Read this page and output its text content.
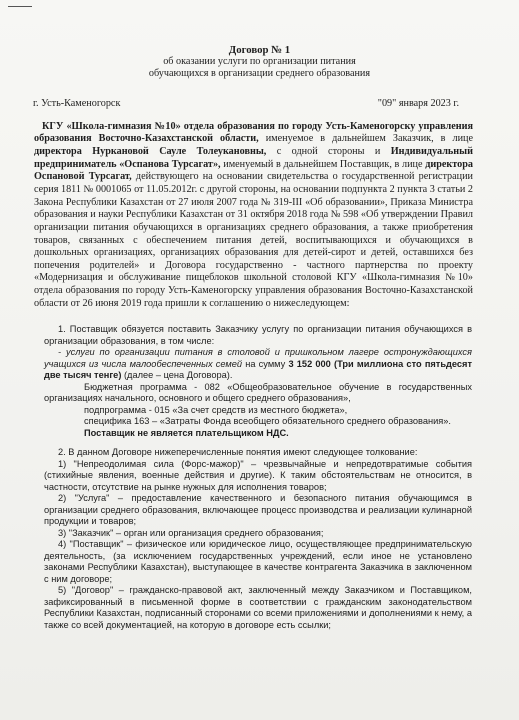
Договор № 1
об оказании услуги по организации питания
обучающихся в организации среднего образования
г. Усть-Каменогорск	"09" января 2023 г.
КГУ «Школа-гимназия №10» отдела образования по городу Усть-Каменогорску управления образования Восточно-Казахстанской области, именуемое в дальнейшем Заказчик, в лице директора Нуркановой Сауле Толеукановны, с одной стороны и Индивидуальный предприниматель «Оспанова Турсагат», именуемый в дальнейшем Поставщик, в лице директора Оспановой Турсагат, действующего на основании свидетельства о государственной регистрации серия 1811 № 0001065 от 11.05.2012г. с другой стороны, на основании подпункта 2 пункта 3 статьи 2 Закона Республики Казахстан от 27 июля 2007 года № 319-III «Об образовании», Приказа Министра образования и науки Республики Казахстан от 31 октября 2018 года № 598 «Об утверждении Правил организации питания обучающихся в организациях среднего образования, а также приобретения товаров, связанных с обеспечением питания детей, воспитывающихся и обучающихся в дошкольных организациях, организациях образования для детей-сирот и детей, оставшихся без попечения родителей» и Договора государственно - частного партнерства по проекту «Модернизация и обслуживание пищеблоков школьной столовой КГУ «Школа-гимназия №10» отдела образования по городу Усть-Каменогорску управления образования Восточно-Казахстанской области от 26 июня 2019 года пришли к соглашению о нижеследующем:

1. Поставщик обязуется поставить Заказчику услугу по организации питания обучающихся в организации образования, в том числе:

- услуги по организации питания в столовой и пришкольном лагере остронуждающихся учащихся из числа малообеспеченных семей на сумму 3 152 000 (Три миллиона сто пятьдесят две тысяч тенге) (далее – цена Договора).

Бюджетная программа - 082 «Общеобразовательное обучение в государственных организациях начального, основного и общего среднего образования»,

подпрограмма - 015 «За счет средств из местного бюджета»,

специфика 163 – «Затраты Фонда всеобщего обязательного среднего образования».

Поставщик не является плательщиком НДС.

2. В данном Договоре нижеперечисленные понятия имеют следующее толкование:

1) "Непреодолимая сила (Форс-мажор)" – чрезвычайные и непредотвратимые события (стихийные явления, военные действия и другие). К таким обстоятельствам не относится, в частности, отсутствие на рынке нужных для исполнения товаров;

2) "Услуга" – предоставление качественного и безопасного питания обучающимся в организации среднего образования, включающее процесс производства и реализации кулинарной продукции и товаров;

3) "Заказчик" – орган или организация среднего образования;

4) "Поставщик" – физическое или юридическое лицо, осуществляющее предпринимательскую деятельность, (за исключением государственных учреждений, если иное не установлено законами Республики Казахстан), выступающее в качестве контрагента Заказчика в заключенном с ним договоре;

5) "Договор" – гражданско-правовой акт, заключенный между Заказчиком и Поставщиком, зафиксированный в письменной форме в соответствии с гражданским законодательством Республики Казахстан, подписанный сторонами со всеми приложениями и дополнениями к нему, а также со всей документацией, на которую в договоре есть ссылки;
